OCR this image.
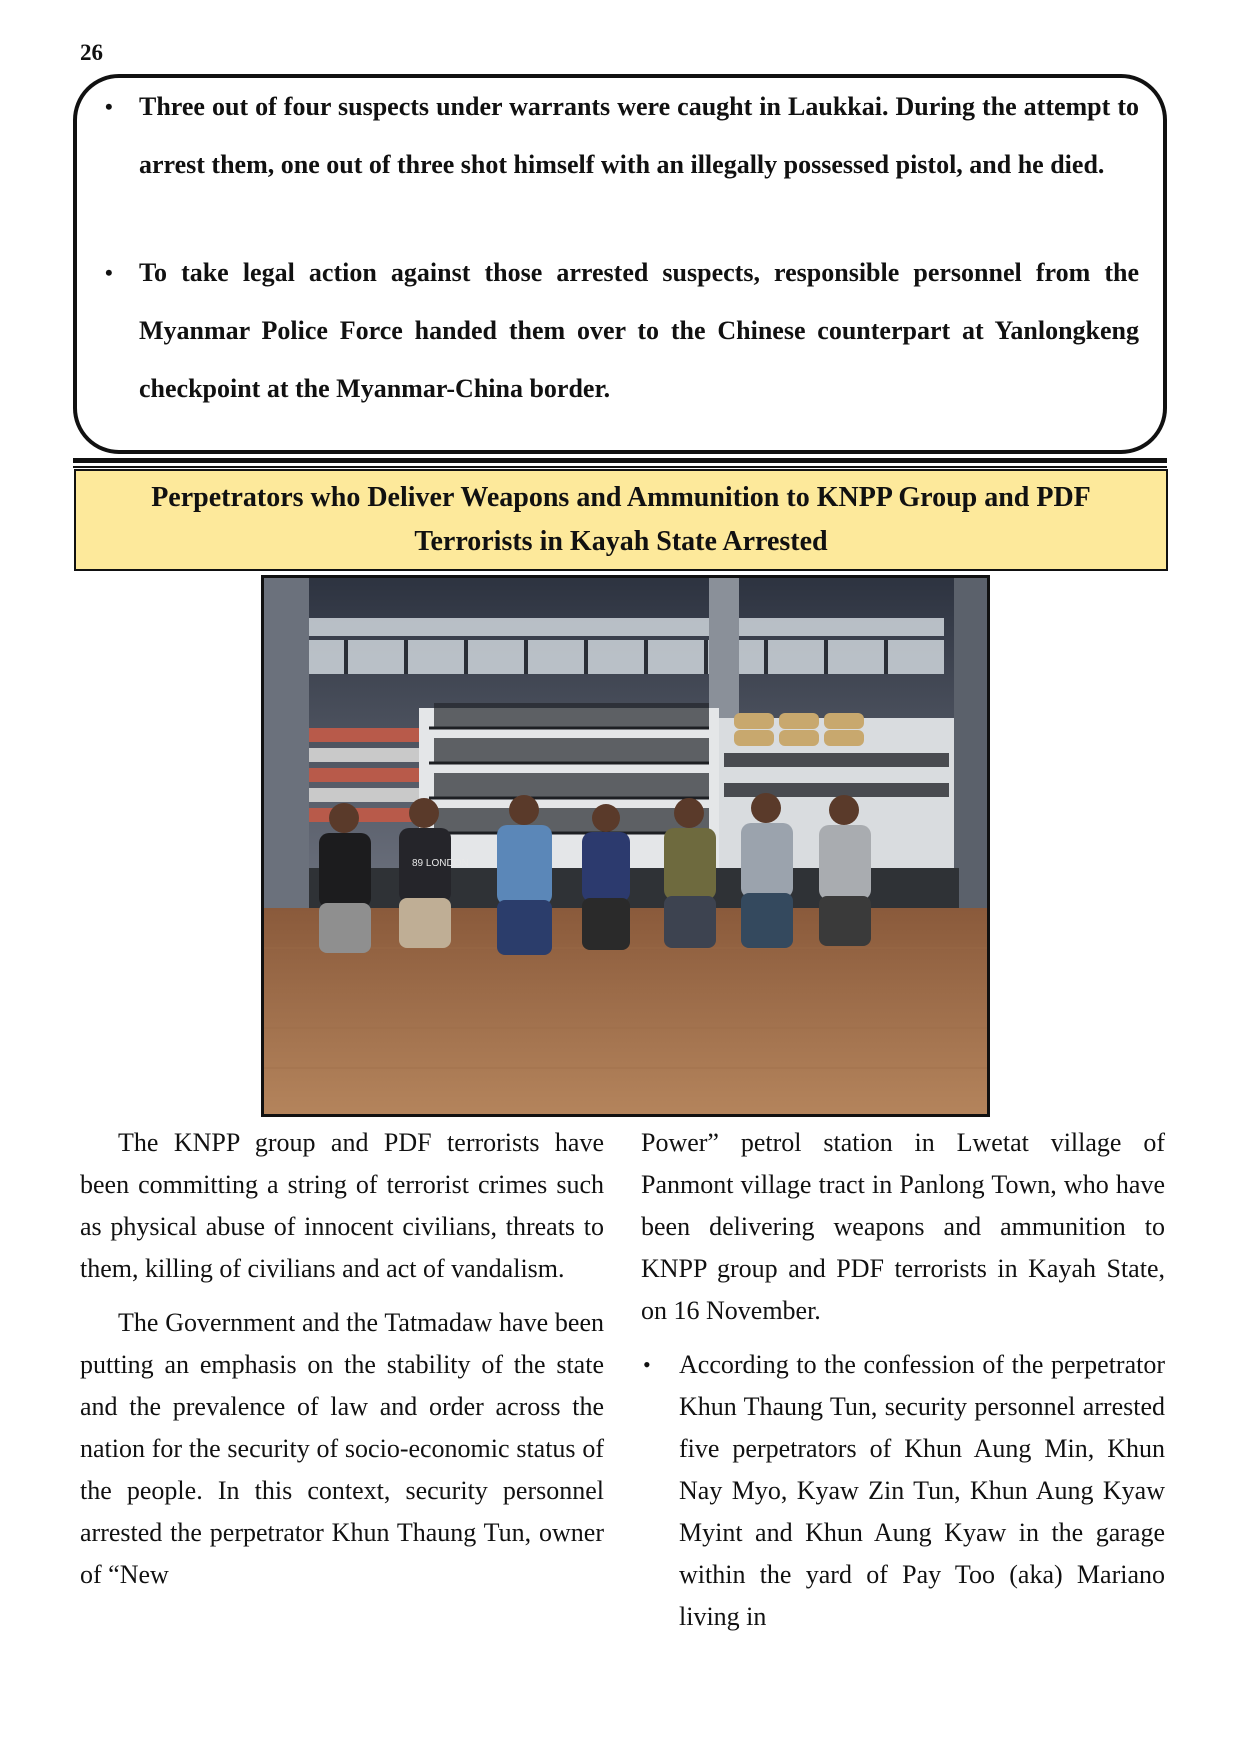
26
• Three out of four suspects under warrants were caught in Laukkai. During the attempt to arrest them, one out of three shot himself with an illegally possessed pistol, and he died.
• To take legal action against those arrested suspects, responsible personnel from the Myanmar Police Force handed them over to the Chinese counterpart at Yanlongkeng checkpoint at the Myanmar-China border.
Perpetrators who Deliver Weapons and Ammunition to KNPP Group and PDF Terrorists in Kayah State Arrested
89 LONDON

The KNPP group and PDF terrorists have been committing a string of terrorist crimes such as physical abuse of innocent civilians, threats to them, killing of civilians and act of vandalism.

The Government and the Tatmadaw have been putting an emphasis on the stability of the state and the prevalence of law and order across the nation for the security of socio-economic status of the people. In this context, security personnel arrested the perpetrator Khun Thaung Tun, owner of “New

Power” petrol station in Lwetat village of Panmont village tract in Panlong Town, who have been delivering weapons and ammunition to KNPP group and PDF terrorists in Kayah State, on 16 November.

• According to the confession of the perpetrator Khun Thaung Tun, security personnel arrested five perpetrators of Khun Aung Min, Khun Nay Myo, Kyaw Zin Tun, Khun Aung Kyaw Myint and Khun Aung Kyaw in the garage within the yard of Pay Too (aka) Mariano living in
